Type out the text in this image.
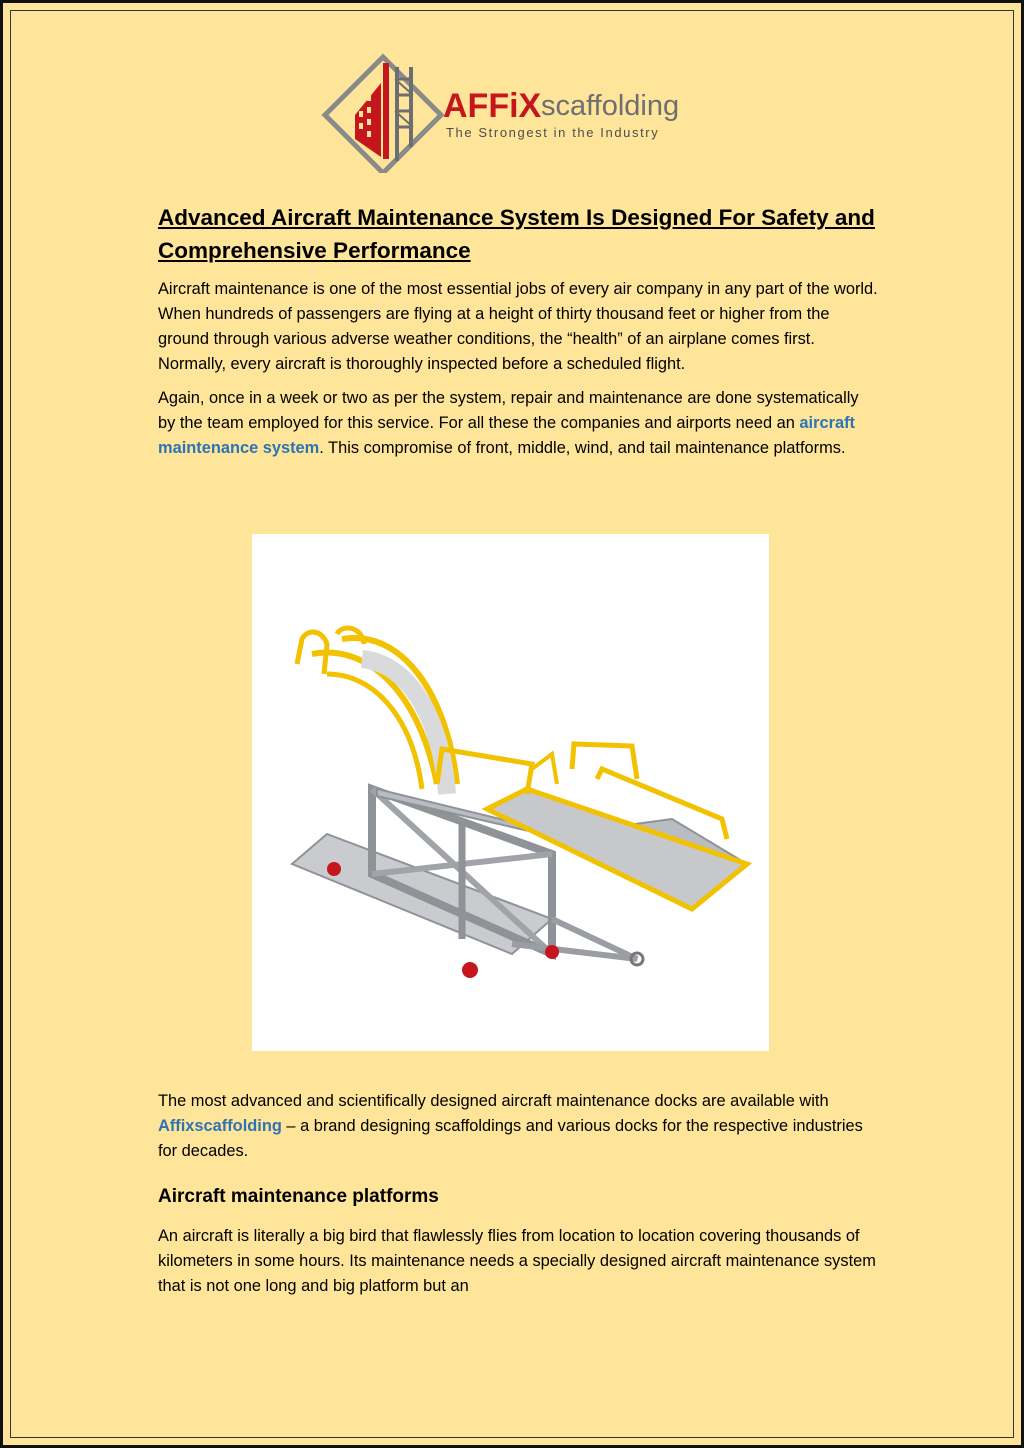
AFFiX scaffolding
The Strongest in the Industry
Advanced Aircraft Maintenance System Is Designed For Safety and Comprehensive Performance

Aircraft maintenance is one of the most essential jobs of every air company in any part of the world. When hundreds of passengers are flying at a height of thirty thousand feet or higher from the ground through various adverse weather conditions, the “health” of an airplane comes first. Normally, every aircraft is thoroughly inspected before a scheduled flight.

Again, once in a week or two as per the system, repair and maintenance are done systematically by the team employed for this service. For all these the companies and airports need an aircraft maintenance system. This compromise of front, middle, wind, and tail maintenance platforms.

The most advanced and scientifically designed aircraft maintenance docks are available with Affixscaffolding – a brand designing scaffoldings and various docks for the respective industries for decades.

Aircraft maintenance platforms

An aircraft is literally a big bird that flawlessly flies from location to location covering thousands of kilometers in some hours. Its maintenance needs a specially designed aircraft maintenance system that is not one long and big platform but an
